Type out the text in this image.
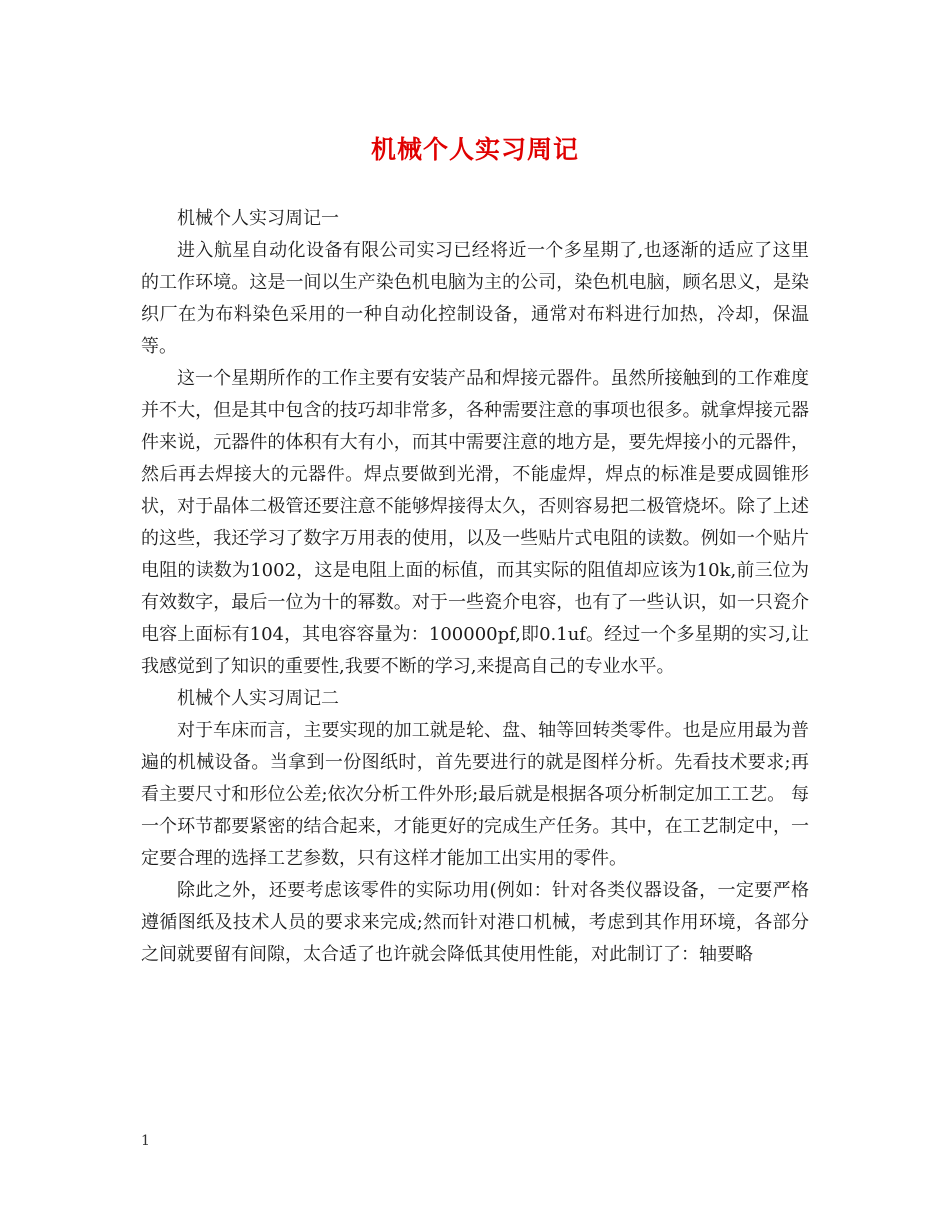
机械个人实习周记

机械个人实习周记一

进入航星自动化设备有限公司实习已经将近一个多星期了,也逐渐的适应了这里的工作环境。这是一间以生产染色机电脑为主的公司，染色机电脑，顾名思义，是染织厂在为布料染色采用的一种自动化控制设备，通常对布料进行加热，冷却，保温等。

这一个星期所作的工作主要有安装产品和焊接元器件。虽然所接触到的工作难度并不大，但是其中包含的技巧却非常多，各种需要注意的事项也很多。就拿焊接元器件来说，元器件的体积有大有小，而其中需要注意的地方是，要先焊接小的元器件，然后再去焊接大的元器件。焊点要做到光滑，不能虚焊，焊点的标准是要成圆锥形状，对于晶体二极管还要注意不能够焊接得太久，否则容易把二极管烧坏。除了上述的这些，我还学习了数字万用表的使用，以及一些贴片式电阻的读数。例如一个贴片电阻的读数为1002，这是电阻上面的标值，而其实际的阻值却应该为10k,前三位为有效数字，最后一位为十的幂数。对于一些瓷介电容，也有了一些认识，如一只瓷介电容上面标有104，其电容容量为：100000pf,即0.1uf。经过一个多星期的实习,让我感觉到了知识的重要性,我要不断的学习,来提高自己的专业水平。

机械个人实习周记二

对于车床而言，主要实现的加工就是轮、盘、轴等回转类零件。也是应用最为普遍的机械设备。当拿到一份图纸时，首先要进行的就是图样分析。先看技术要求;再看主要尺寸和形位公差;依次分析工件外形;最后就是根据各项分析制定加工工艺。 每一个环节都要紧密的结合起来，才能更好的完成生产任务。其中，在工艺制定中，一定要合理的选择工艺参数，只有这样才能加工出实用的零件。

除此之外，还要考虑该零件的实际功用(例如：针对各类仪器设备，一定要严格遵循图纸及技术人员的要求来完成;然而针对港口机械，考虑到其作用环境，各部分之间就要留有间隙，太合适了也许就会降低其使用性能，对此制订了：轴要略

1
